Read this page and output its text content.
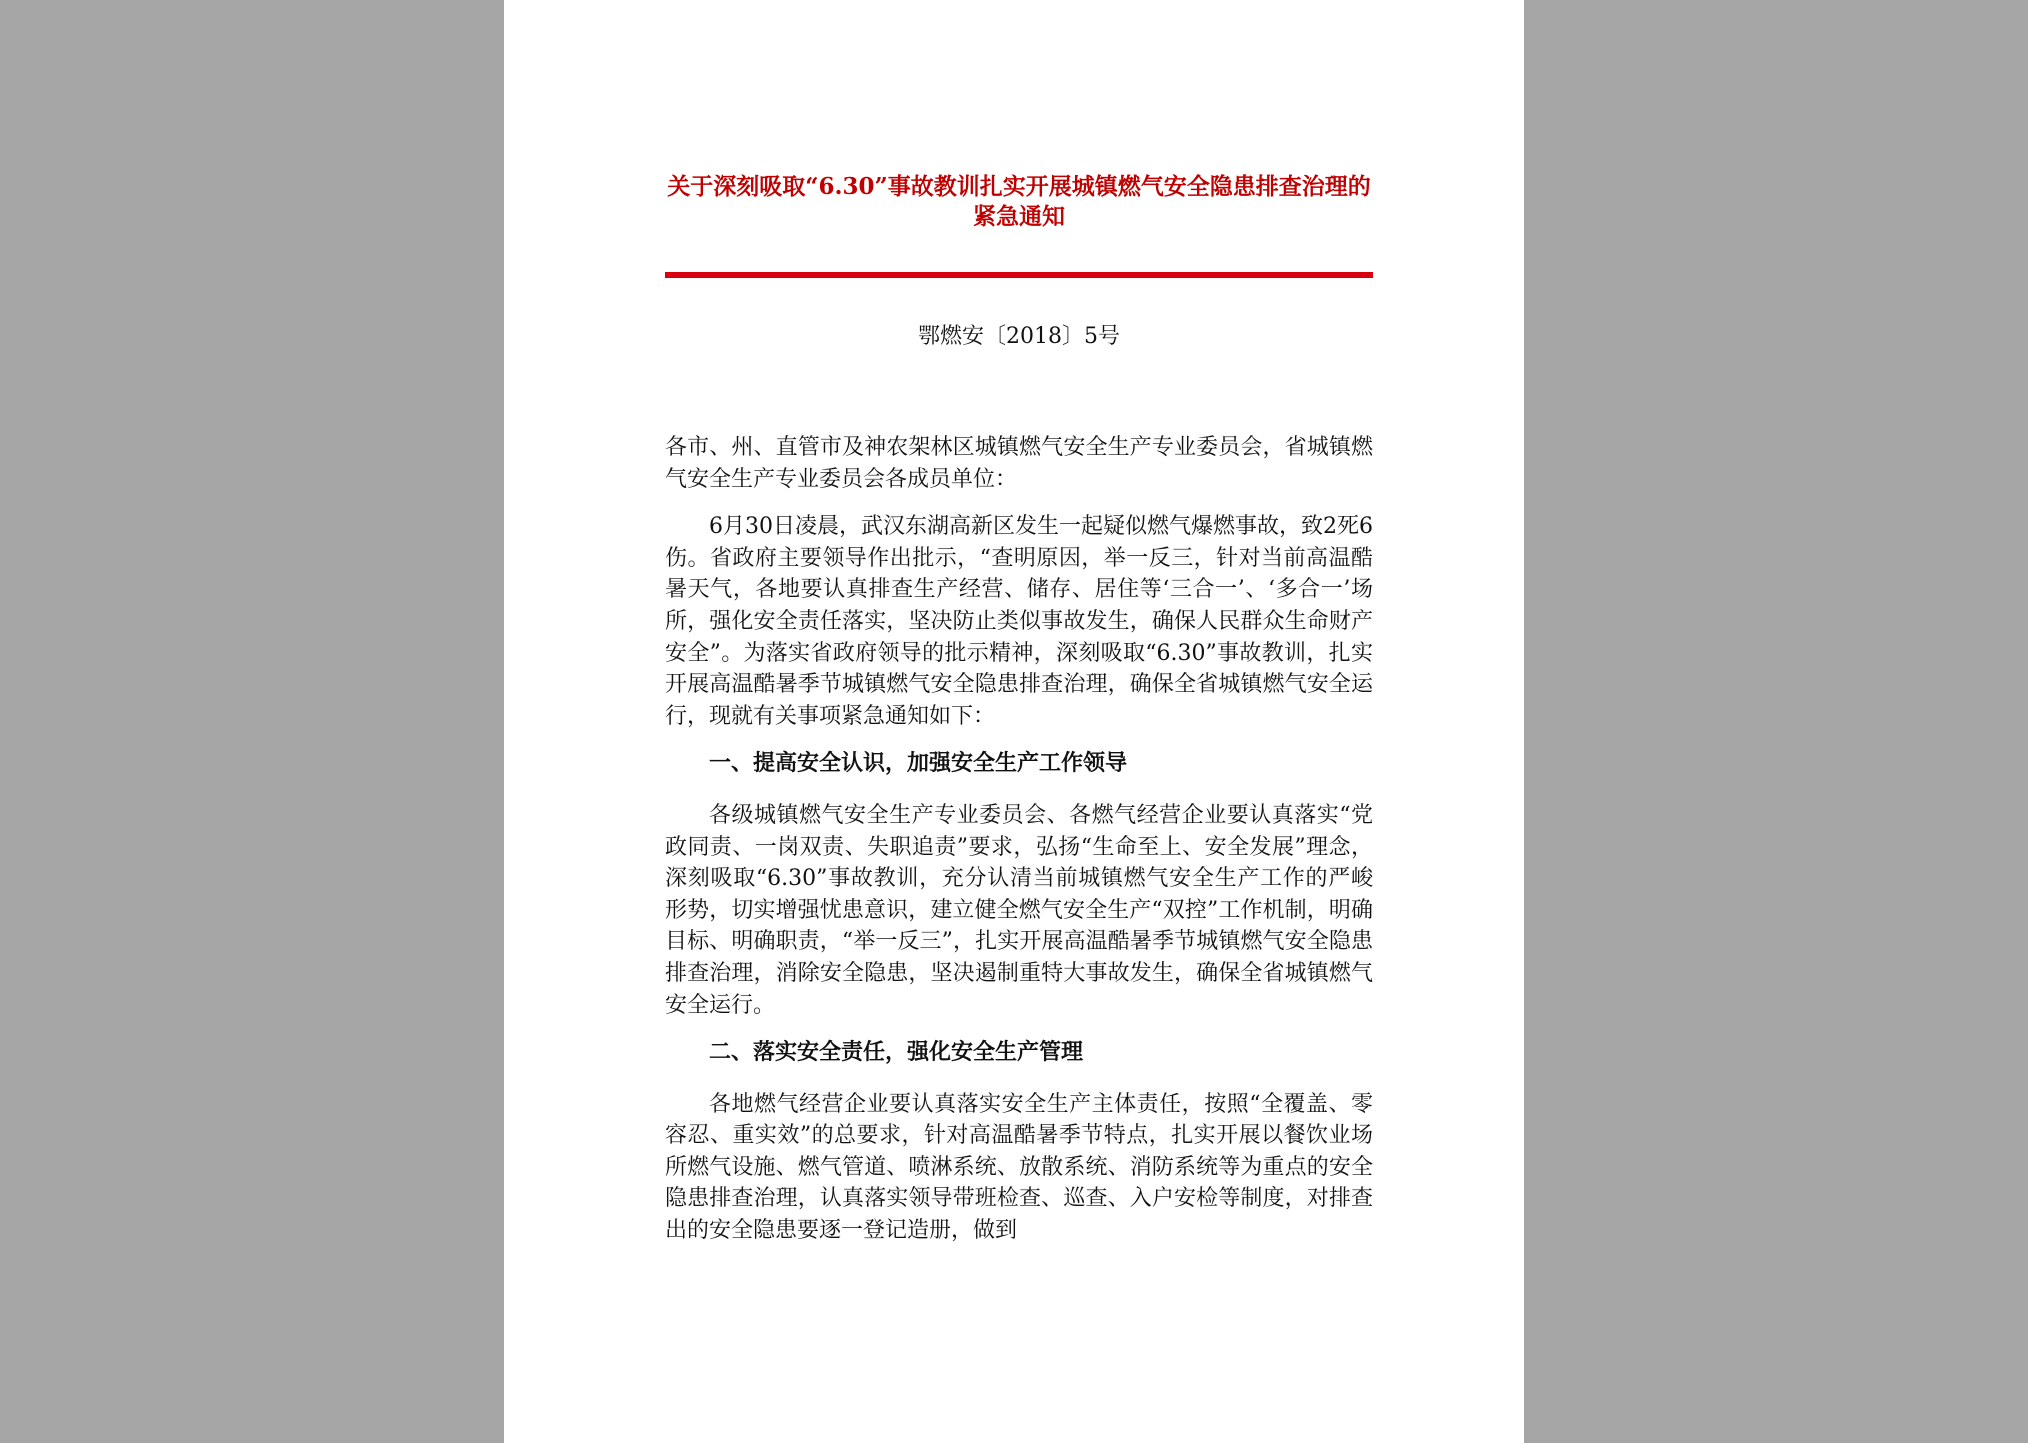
关于深刻吸取“6.30”事故教训扎实开展城镇燃气安全隐患排查治理的紧急通知
鄂燃安〔2018〕5号

各市、州、直管市及神农架林区城镇燃气安全生产专业委员会，省城镇燃气安全生产专业委员会各成员单位：

6月30日凌晨，武汉东湖高新区发生一起疑似燃气爆燃事故，致2死6伤。省政府主要领导作出批示，“查明原因，举一反三，针对当前高温酷暑天气，各地要认真排查生产经营、储存、居住等‘三合一’、‘多合一’场所，强化安全责任落实，坚决防止类似事故发生，确保人民群众生命财产安全”。为落实省政府领导的批示精神，深刻吸取“6.30”事故教训，扎实开展高温酷暑季节城镇燃气安全隐患排查治理，确保全省城镇燃气安全运行，现就有关事项紧急通知如下：

一、提高安全认识，加强安全生产工作领导

各级城镇燃气安全生产专业委员会、各燃气经营企业要认真落实“党政同责、一岗双责、失职追责”要求，弘扬“生命至上、安全发展”理念，深刻吸取“6.30”事故教训，充分认清当前城镇燃气安全生产工作的严峻形势，切实增强忧患意识，建立健全燃气安全生产“双控”工作机制，明确目标、明确职责，“举一反三”，扎实开展高温酷暑季节城镇燃气安全隐患排查治理，消除安全隐患，坚决遏制重特大事故发生，确保全省城镇燃气安全运行。

二、落实安全责任，强化安全生产管理

各地燃气经营企业要认真落实安全生产主体责任，按照“全覆盖、零容忍、重实效”的总要求，针对高温酷暑季节特点，扎实开展以餐饮业场所燃气设施、燃气管道、喷淋系统、放散系统、消防系统等为重点的安全隐患排查治理，认真落实领导带班检查、巡查、入户安检等制度，对排查出的安全隐患要逐一登记造册，做到
